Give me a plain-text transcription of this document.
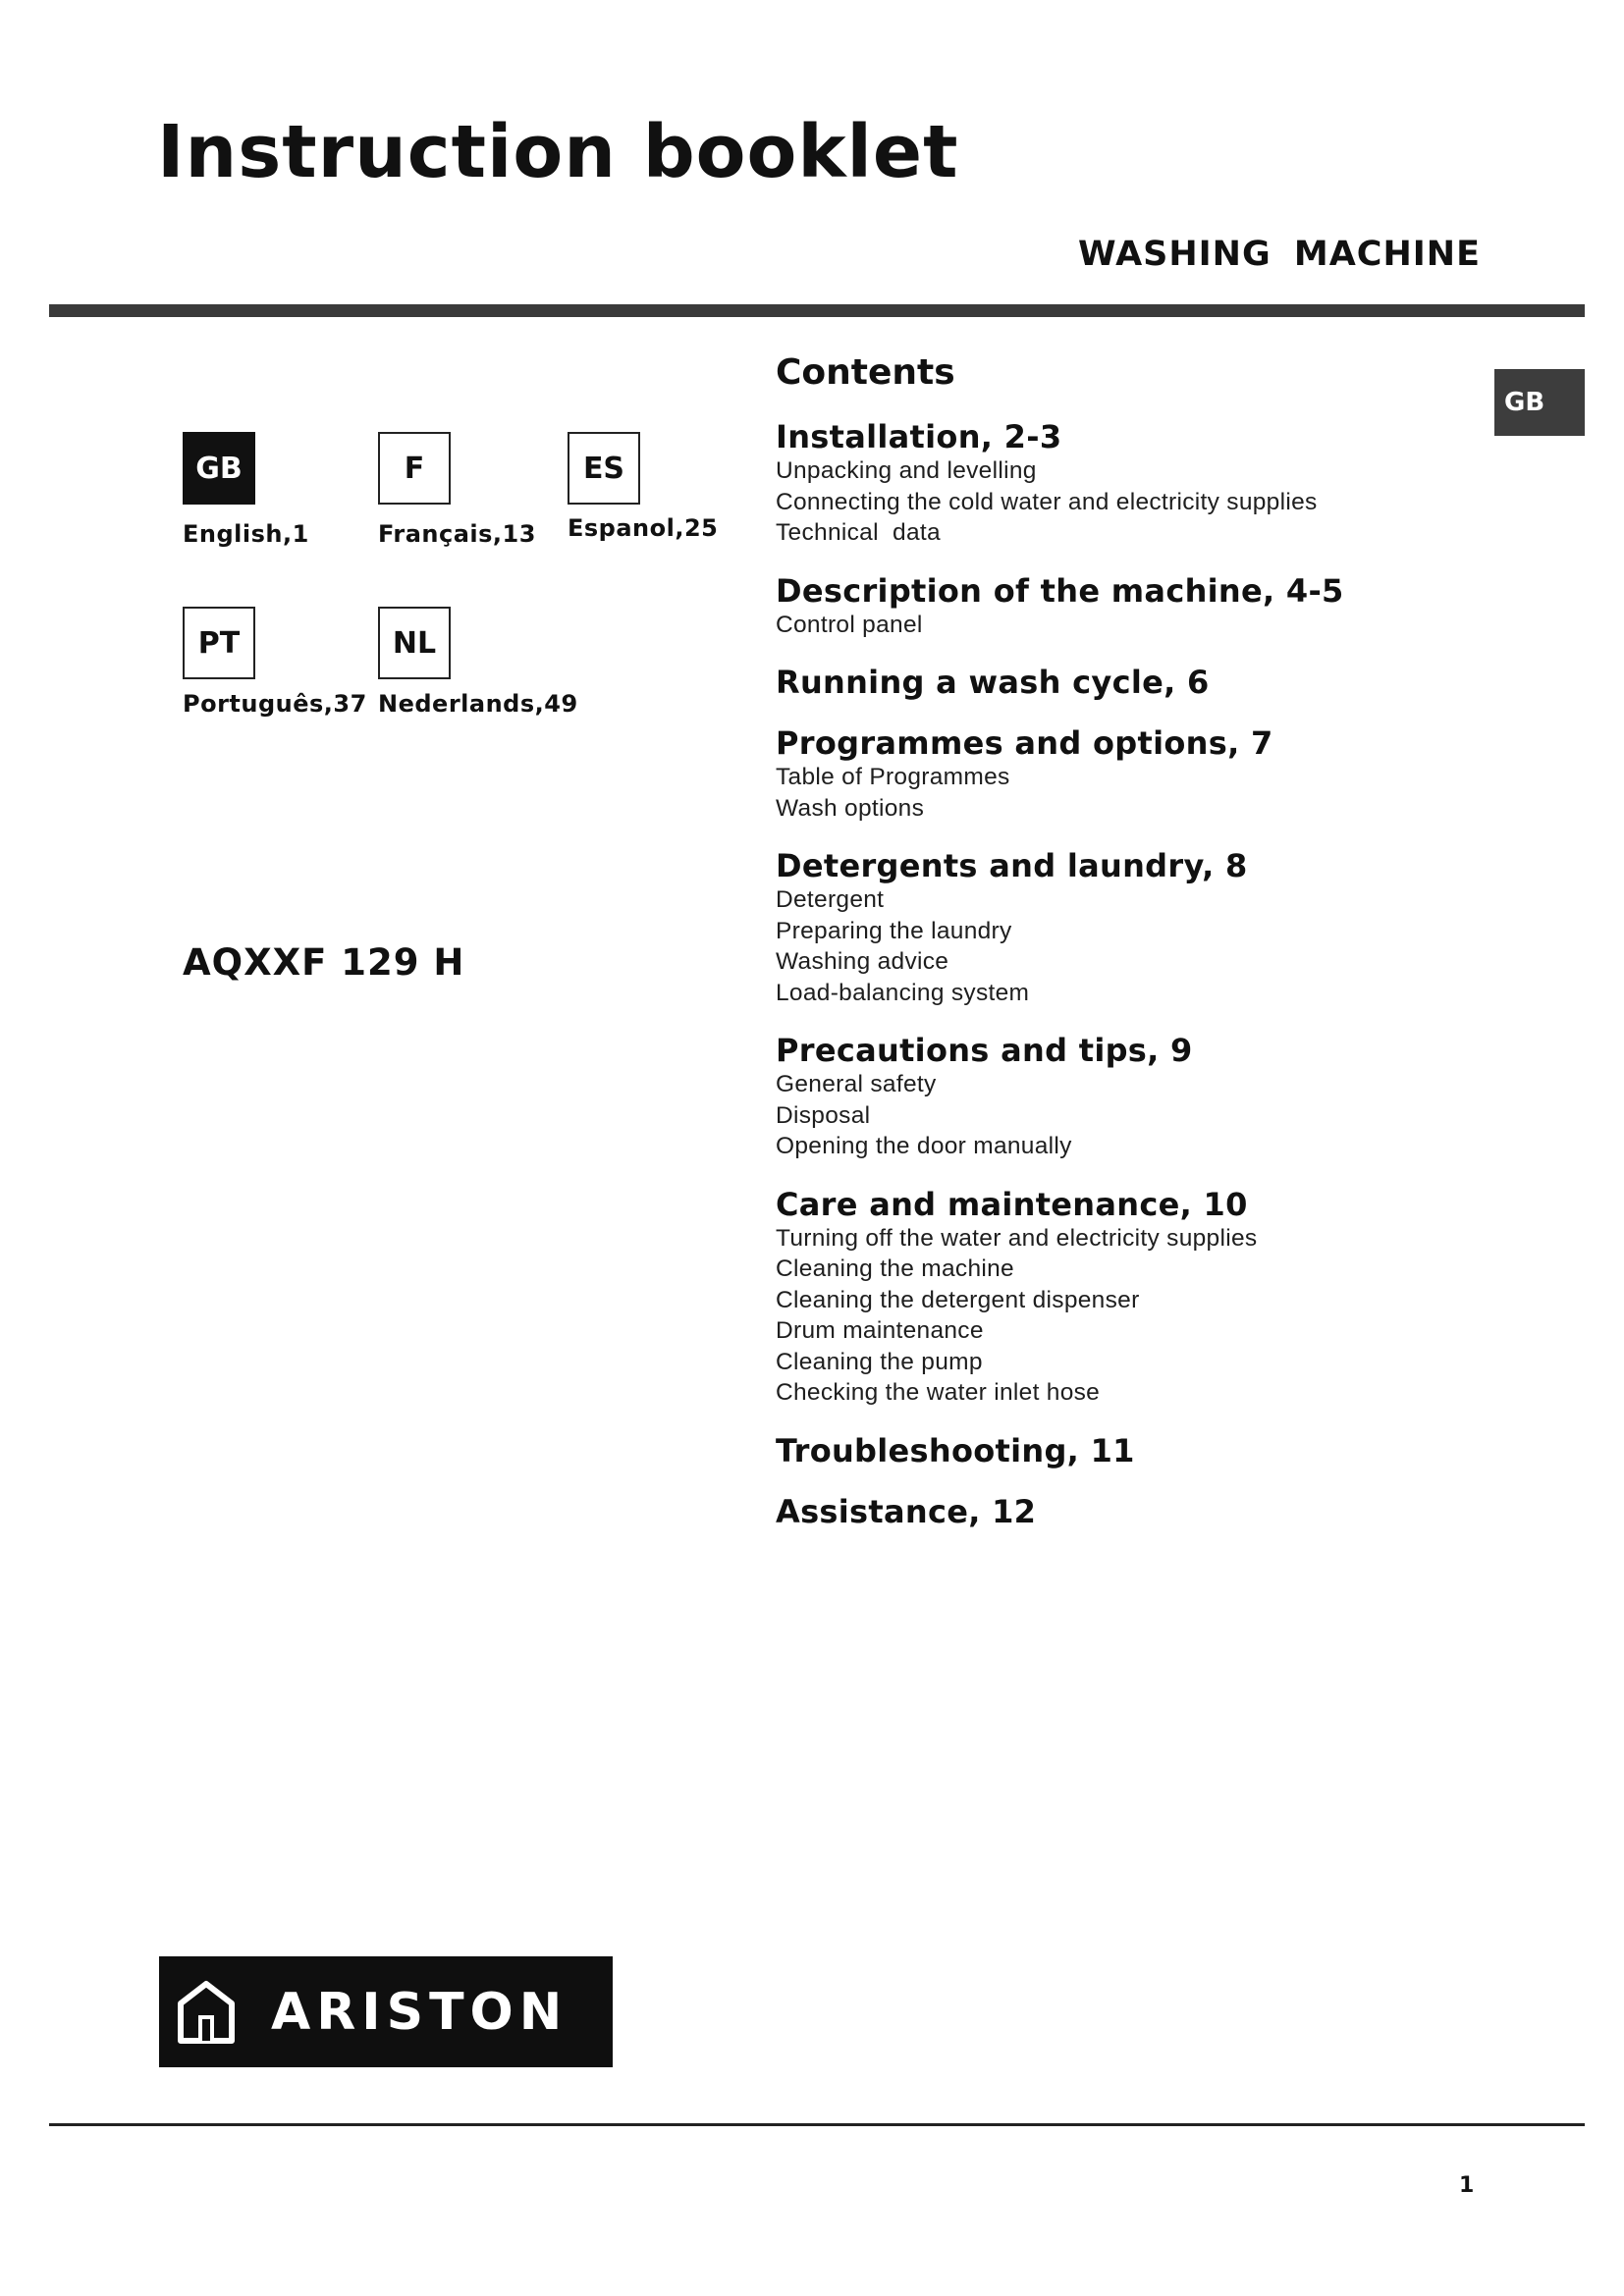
Instruction booklet
WASHING MACHINE
GB
GB
English,1
F
Français,13
ES
Espanol,25
PT
Português,37
NL
Nederlands,49
AQXXF 129 H
Contents
Installation, 2-3
Unpacking and levelling
Connecting the cold water and electricity supplies
Technical  data
Description of the machine, 4-5
Control panel
Running a wash cycle, 6
Programmes and options, 7
Table of Programmes
Wash options
Detergents and laundry, 8
Detergent
Preparing the laundry
Washing advice
Load-balancing system
Precautions and tips, 9
General safety
Disposal
Opening the door manually
Care and maintenance, 10
Turning off the water and electricity supplies
Cleaning the machine
Cleaning the detergent dispenser
Drum maintenance
Cleaning the pump
Checking the water inlet hose
Troubleshooting, 11
Assistance, 12
ARISTON
1
